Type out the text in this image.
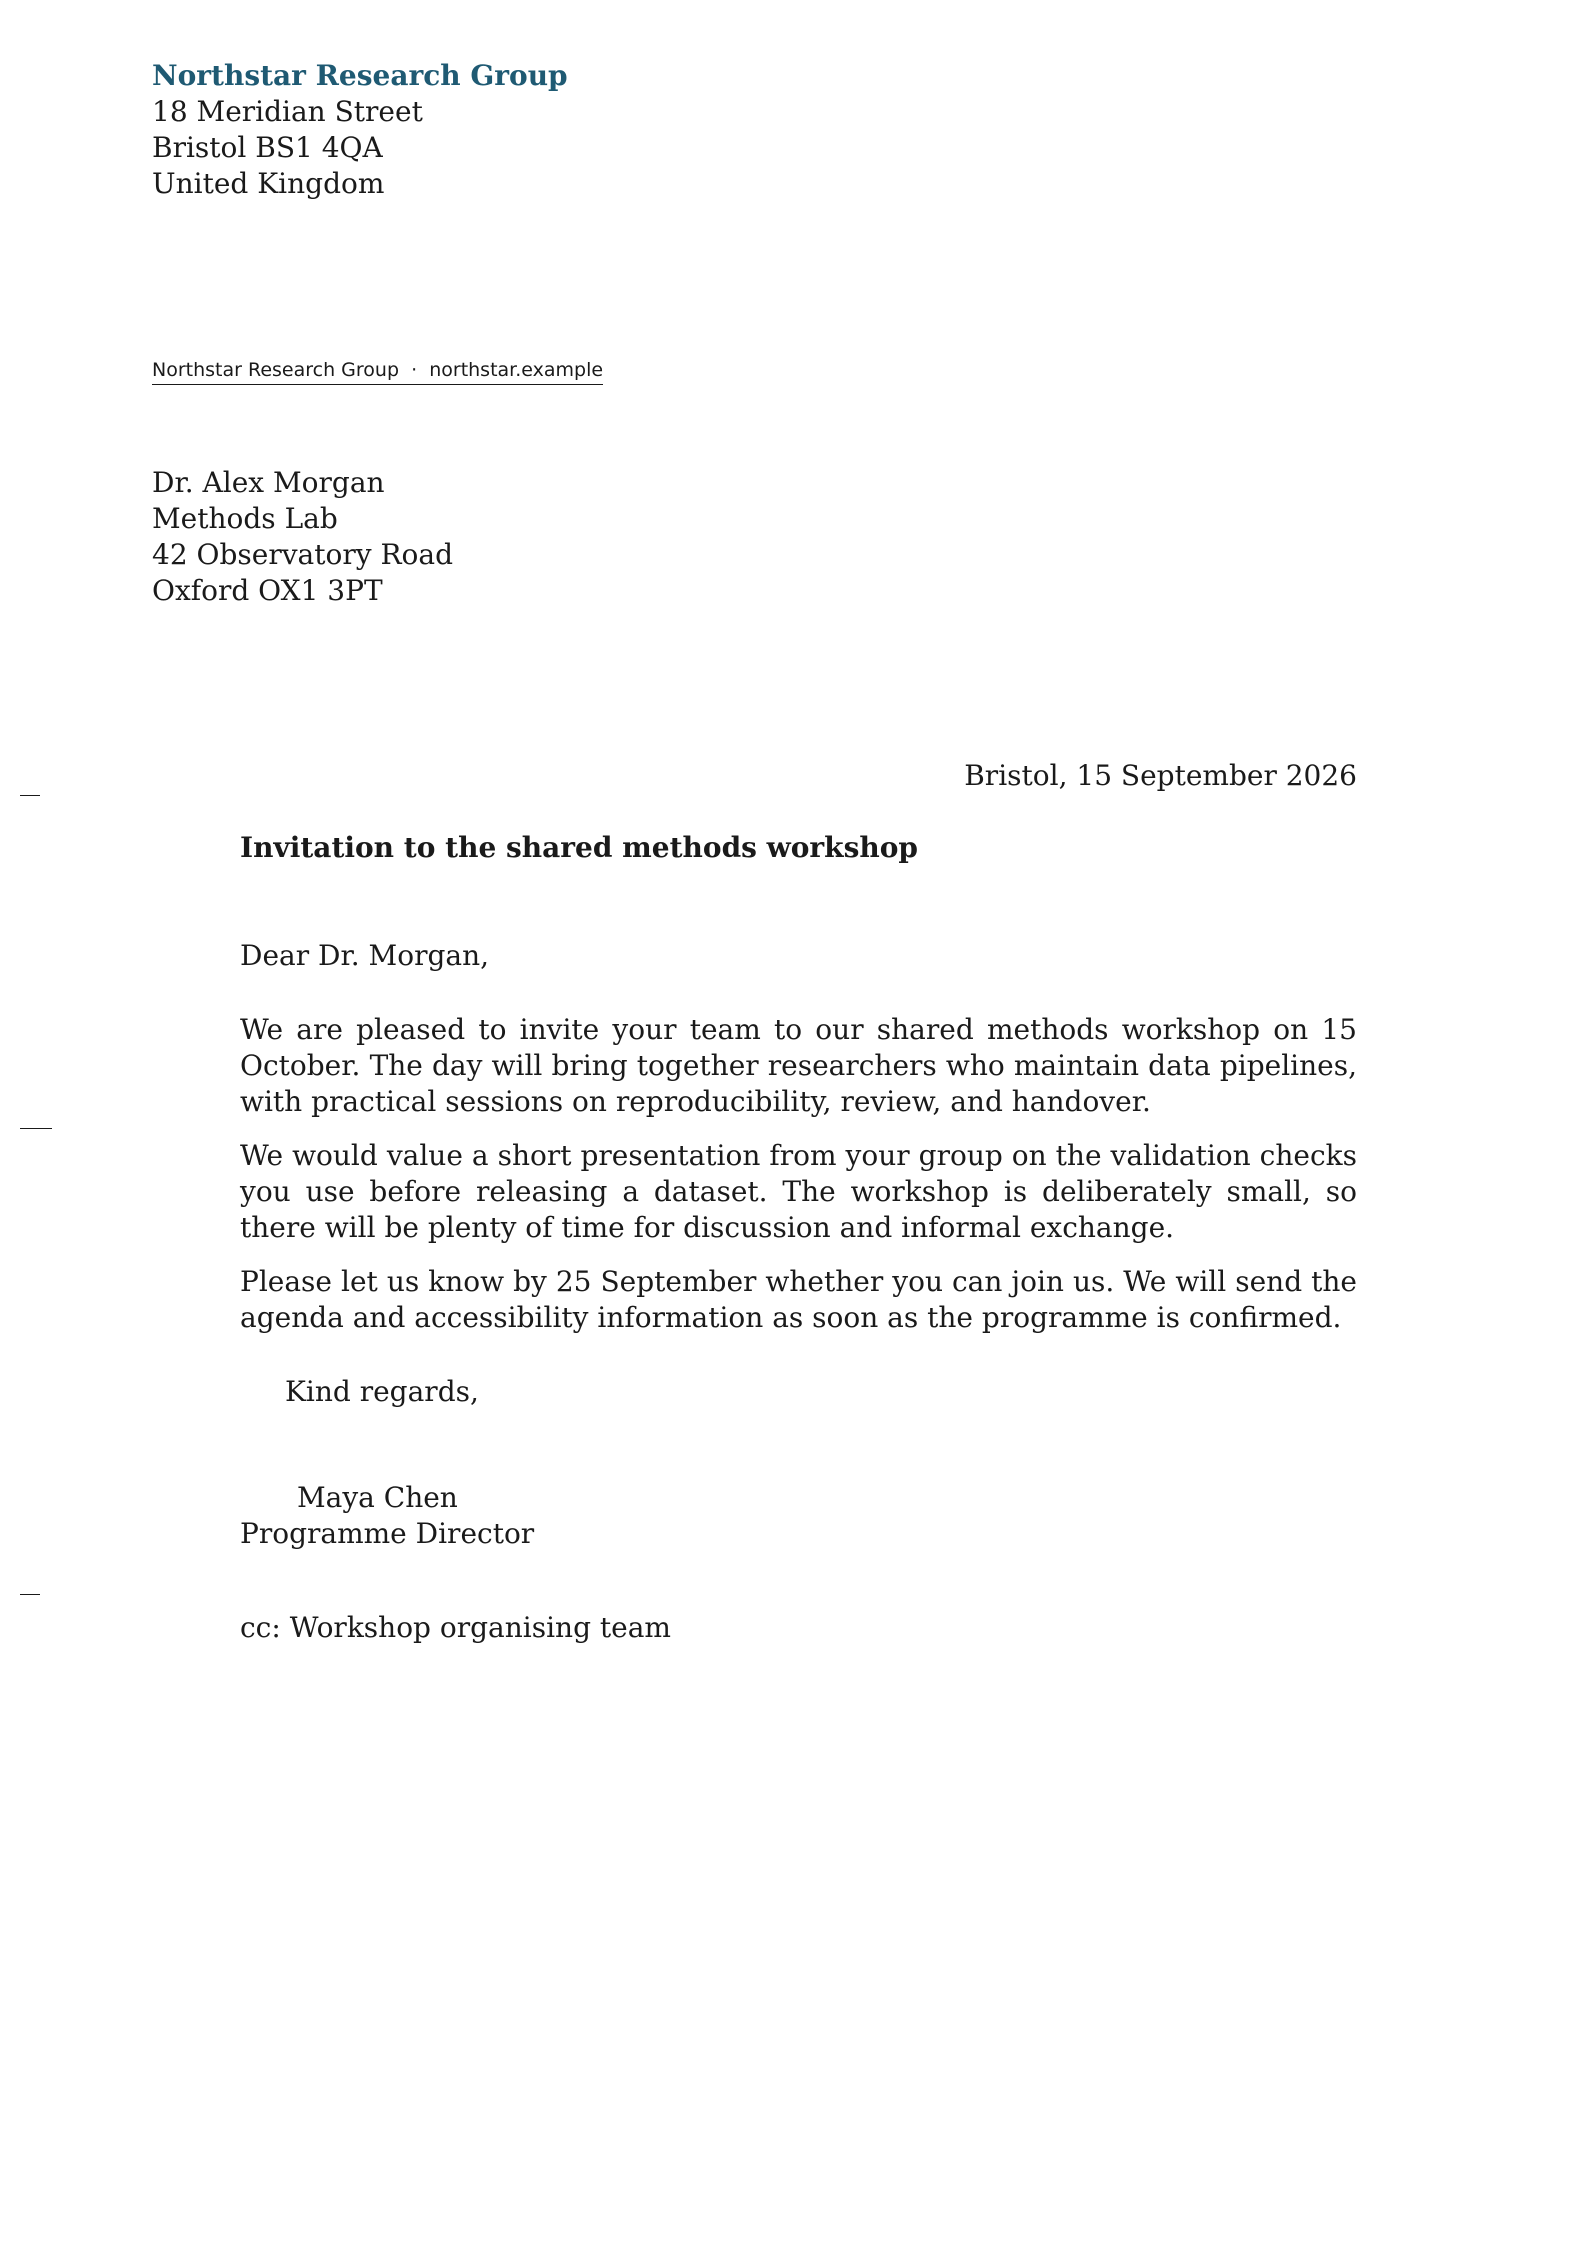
Northstar Research Group
18 Meridian Street
Bristol BS1 4QA
United Kingdom
Northstar Research Group  ·  northstar.example
Dr. Alex Morgan
Methods Lab
42 Observatory Road
Oxford OX1 3PT
Bristol, 15 September 2026
Invitation to the shared methods workshop
Dear Dr. Morgan,

We are pleased to invite your team to our shared methods workshop on 15 October. The day will bring together researchers who maintain data pipelines, with practical sessions on reproducibility, review, and handover.

We would value a short presentation from your group on the validation checks you use before releasing a dataset. The workshop is deliberately small, so there will be plenty of time for discussion and informal exchange.

Please let us know by 25 September whether you can join us. We will send the agenda and accessibility information as soon as the programme is confirmed.

Kind regards,
Maya Chen
Programme Director
cc: Workshop organising team
